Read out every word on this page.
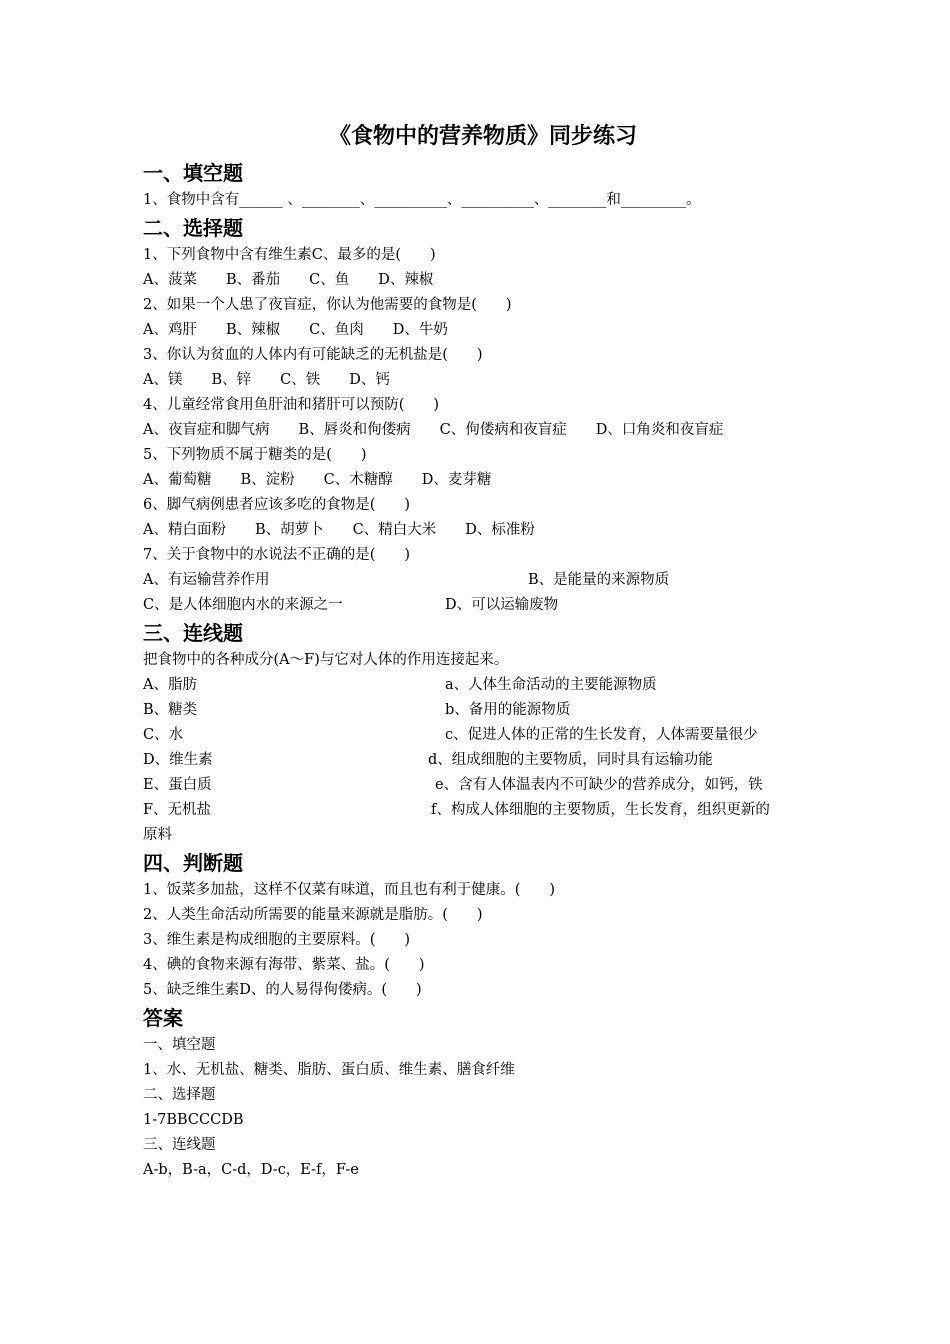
《食物中的营养物质》同步练习
一、填空题
1、食物中含有______ 、________、__________、__________、________和_________。
二、选择题
1、下列食物中含有维生素C、最多的是(　　)
A、菠菜　　B、番茄　　C、鱼　　D、辣椒
2、如果一个人患了夜盲症，你认为他需要的食物是(　　)
A、鸡肝　　B、辣椒　　C、鱼肉　　D、牛奶
3、你认为贫血的人体内有可能缺乏的无机盐是(　　)
A、镁　　B、锌　　C、铁　　D、钙
4、儿童经常食用鱼肝油和猪肝可以预防(　　)
A、夜盲症和脚气病　　B、唇炎和佝偻病　　C、佝偻病和夜盲症　　D、口角炎和夜盲症
5、下列物质不属于糖类的是(　　)
A、葡萄糖　　B、淀粉　　C、木糖醇　　D、麦芽糖
6、脚气病例患者应该多吃的食物是(　　)
A、精白面粉　　B、胡萝卜　　C、精白大米　　D、标准粉
7、关于食物中的水说法不正确的是(　　)
A、有运输营养作用	B、是能量的来源物质
C、是人体细胞内水的来源之一	D、可以运输废物
三、连线题
把食物中的各种成分(A～F)与它对人体的作用连接起来。
A、脂肪	a、人体生命活动的主要能源物质
B、糖类	b、备用的能源物质
C、水	c、促进人体的正常的生长发育，人体需要量很少
D、维生素	d、组成细胞的主要物质，同时具有运输功能
E、蛋白质	e、含有人体温表内不可缺少的营养成分，如钙，铁
F、无机盐	f、构成人体细胞的主要物质，生长发育，组织更新的
原料
四、判断题
1、饭菜多加盐，这样不仅菜有味道，而且也有利于健康。(　　)
2、人类生命活动所需要的能量来源就是脂肪。(　　)
3、维生素是构成细胞的主要原料。(　　)
4、碘的食物来源有海带、紫菜、盐。(　　)
5、缺乏维生素D、的人易得佝偻病。(　　)
答案
一、填空题
1、水、无机盐、糖类、脂肪、蛋白质、维生素、膳食纤维
二、选择题
1-7BBCCCDB
三、连线题
A-b，B-a，C-d，D-c，E-f，F-e
